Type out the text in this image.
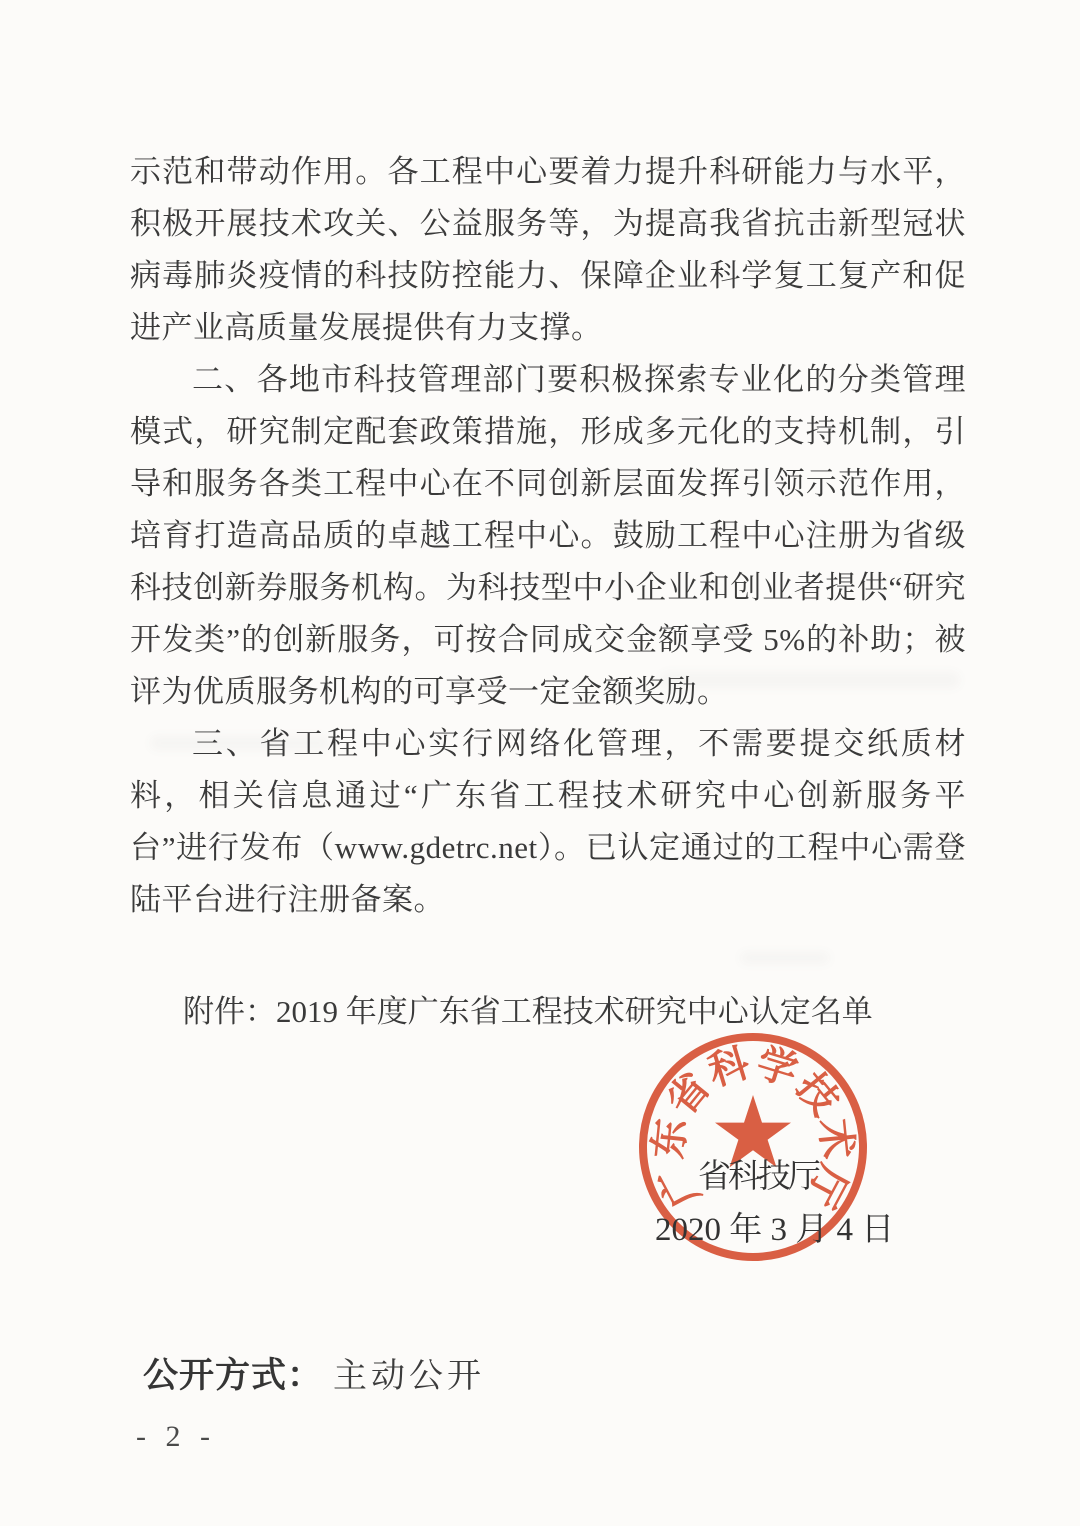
示范和带动作用。各工程中心要着力提升科研能力与水平，积极开展技术攻关、公益服务等，为提高我省抗击新型冠状病毒肺炎疫情的科技防控能力、保障企业科学复工复产和促进产业高质量发展提供有力支撑。

二、各地市科技管理部门要积极探索专业化的分类管理模式，研究制定配套政策措施，形成多元化的支持机制，引导和服务各类工程中心在不同创新层面发挥引领示范作用，培育打造高品质的卓越工程中心。鼓励工程中心注册为省级科技创新券服务机构。为科技型中小企业和创业者提供“研究开发类”的创新服务，可按合同成交金额享受 5%的补助；被评为优质服务机构的可享受一定金额奖励。

三、省工程中心实行网络化管理，不需要提交纸质材料，相关信息通过“广东省工程技术研究中心创新服务平台”进行发布（www.gdetrc.net）。已认定通过的工程中心需登陆平台进行注册备案。

附件：2019 年度广东省工程技术研究中心认定名单
广
东
省
科
学
技
术
厅
省科技厅
2020 年 3 月 4 日
公开方式： 主动公开
- 2 -
